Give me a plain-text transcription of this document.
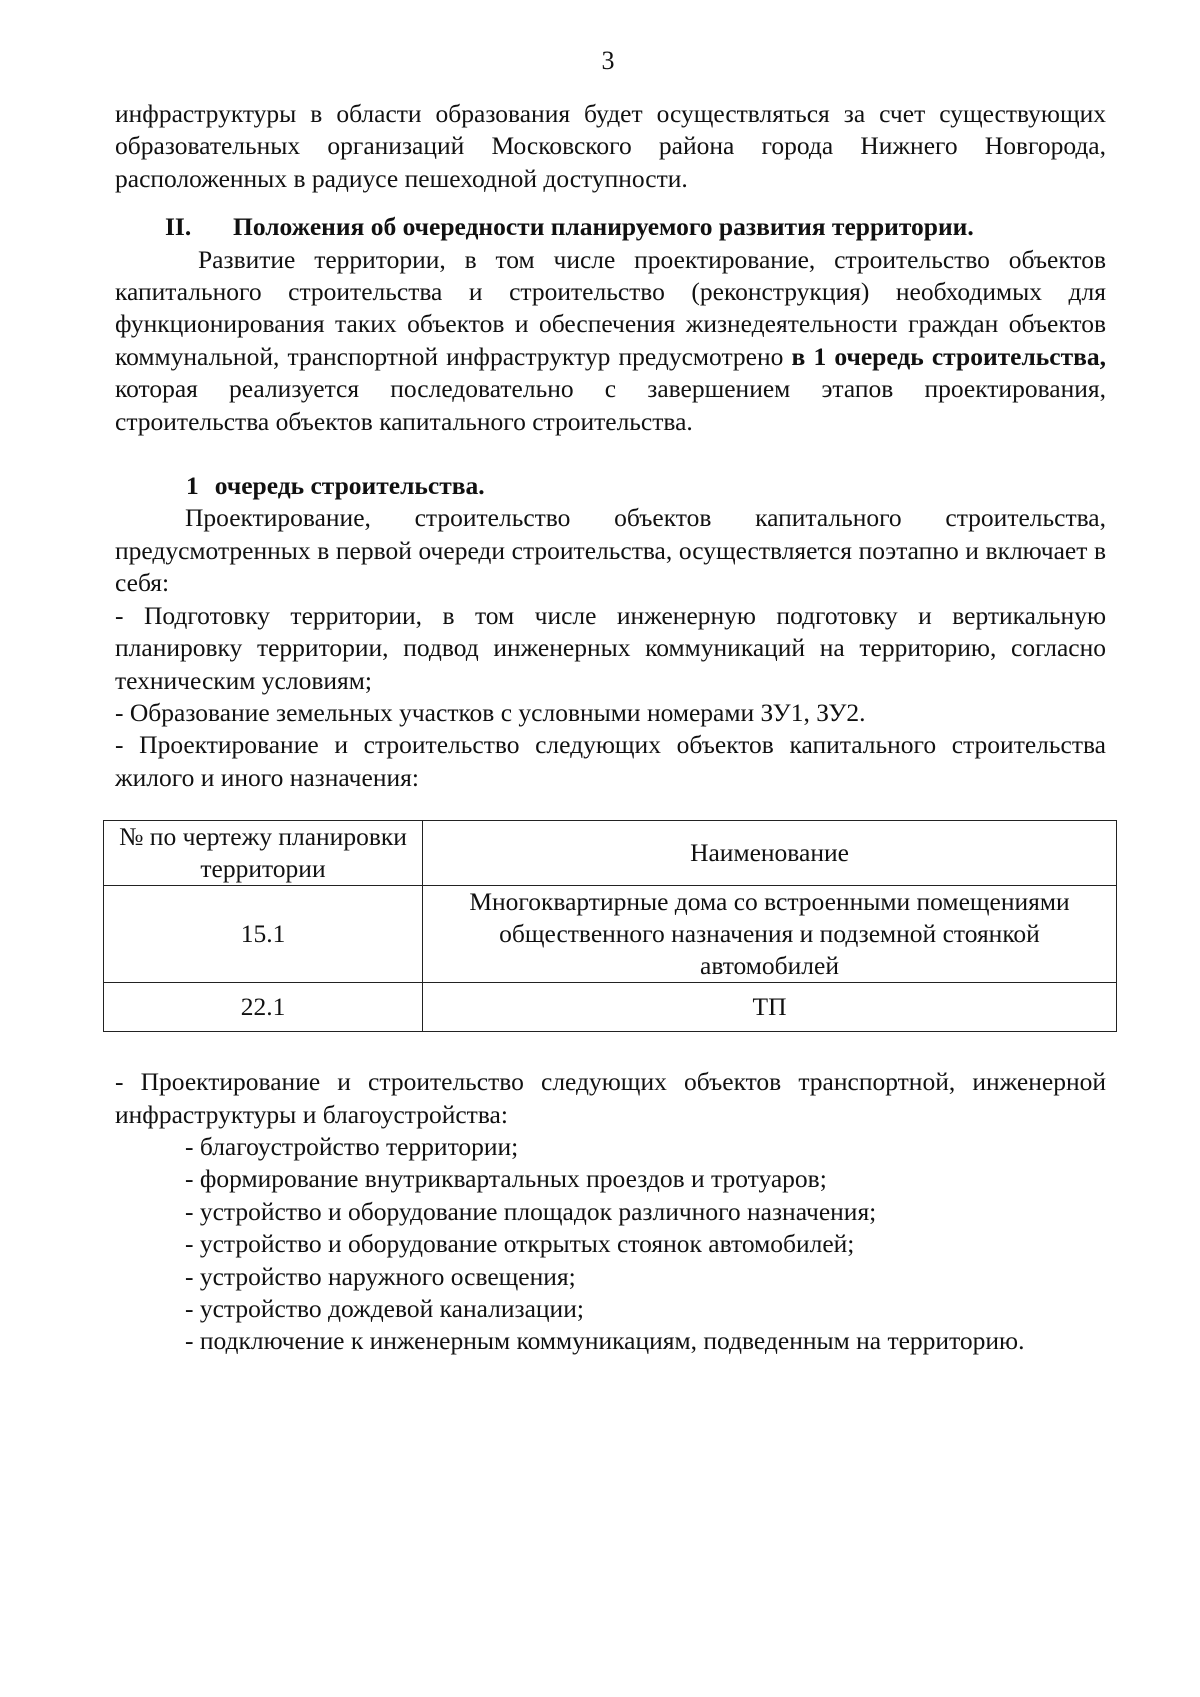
3

инфраструктуры в области образования будет осуществляться за счет существующих образовательных организаций Московского района города Нижнего Новгорода, расположенных в радиусе пешеходной доступности.

II. Положения об очередности планируемого развития территории.

Развитие территории, в том числе проектирование, строительство объектов капитального строительства и строительство (реконструкция) необходимых для функционирования таких объектов и обеспечения жизнедеятельности граждан объектов коммунальной, транспортной инфраструктур предусмотрено в 1 очередь строительства, которая реализуется последовательно с завершением этапов проектирования, строительства объектов капитального строительства.

1 очередь строительства.

Проектирование, строительство объектов капитального строительства, предусмотренных в первой очереди строительства, осуществляется поэтапно и включает в себя:

- Подготовку территории, в том числе инженерную подготовку и вертикальную планировку территории, подвод инженерных коммуникаций на территорию, согласно техническим условиям;

- Образование земельных участков с условными номерами ЗУ1, ЗУ2.

- Проектирование и строительство следующих объектов капитального строительства жилого и иного назначения:

№ по чертежу планировки территории	Наименование
15.1	Многоквартирные дома со встроенными помещениями общественного назначения и подземной стоянкой автомобилей
22.1	ТП

- Проектирование и строительство следующих объектов транспортной, инженерной инфраструктуры и благоустройства:

- благоустройство территории;

- формирование внутриквартальных проездов и тротуаров;

- устройство и оборудование площадок различного назначения;

- устройство и оборудование открытых стоянок автомобилей;

- устройство наружного освещения;

- устройство дождевой канализации;

- подключение к инженерным коммуникациям, подведенным на территорию.
